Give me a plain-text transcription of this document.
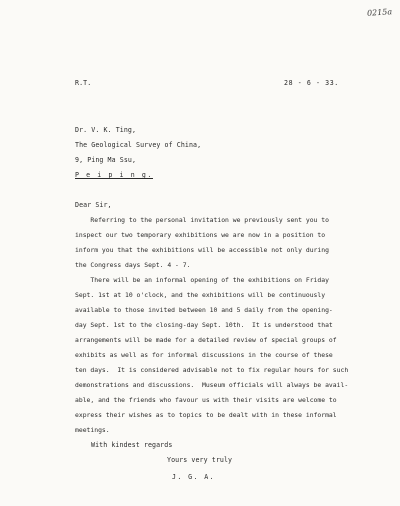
0215a
R.T.	28 - 6 - 33.
Dr. V. K. Ting,
The Geological Survey of China,
9, Ping Ma Ssu,
P e i p i n g.
Dear Sir,
Referring to the personal invitation we previously sent you to
inspect our two temporary exhibitions we are now in a position to
inform you that the exhibitions will be accessible not only during
the Congress days Sept. 4 - 7.
There will be an informal opening of the exhibitions on Friday
Sept. 1st at 10 o'clock, and the exhibitions will be continuously
available to those invited between 10 and 5 daily from the opening-
day Sept. 1st to the closing-day Sept. 10th.  It is understood that
arrangements will be made for a detailed review of special groups of
exhibits as well as for informal discussions in the course of these
ten days.  It is considered advisable not to fix regular hours for such
demonstrations and discussions.  Museum officials will always be avail-
able, and the friends who favour us with their visits are welcome to
express their wishes as to topics to be dealt with in these informal
meetings.
With kindest regards
Yours very truly
J. G. A.
